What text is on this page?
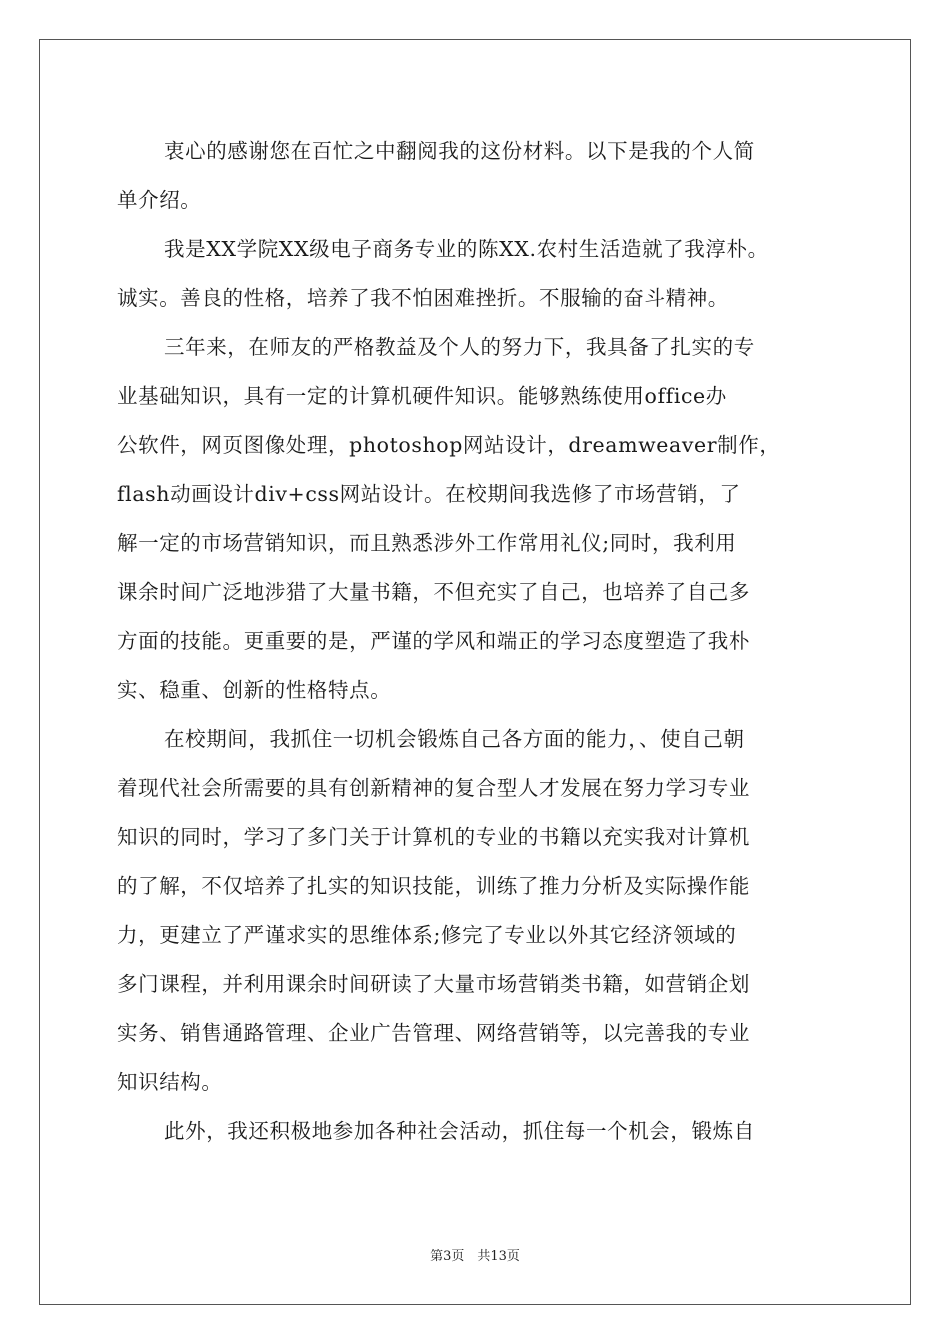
衷心的感谢您在百忙之中翻阅我的这份材料。以下是我的个人简
单介绍。
我是XX学院XX级电子商务专业的陈XX.农村生活造就了我淳朴。
诚实。善良的性格，培养了我不怕困难挫折。不服输的奋斗精神。
三年来，在师友的严格教益及个人的努力下，我具备了扎实的专
业基础知识，具有一定的计算机硬件知识。能够熟练使用office办
公软件，网页图像处理，photoshop网站设计，dreamweaver制作，
flash动画设计div+css网站设计。在校期间我选修了市场营销，了
解一定的市场营销知识，而且熟悉涉外工作常用礼仪;同时，我利用
课余时间广泛地涉猎了大量书籍，不但充实了自己，也培养了自己多
方面的技能。更重要的是，严谨的学风和端正的学习态度塑造了我朴
实、稳重、创新的性格特点。
在校期间，我抓住一切机会锻炼自己各方面的能力，、使自己朝
着现代社会所需要的具有创新精神的复合型人才发展在努力学习专业
知识的同时，学习了多门关于计算机的专业的书籍以充实我对计算机
的了解，不仅培养了扎实的知识技能，训练了推力分析及实际操作能
力，更建立了严谨求实的思维体系;修完了专业以外其它经济领域的
多门课程，并利用课余时间研读了大量市场营销类书籍，如营销企划
实务、销售通路管理、企业广告管理、网络营销等，以完善我的专业
知识结构。
此外，我还积极地参加各种社会活动，抓住每一个机会，锻炼自
第3页　共13页
